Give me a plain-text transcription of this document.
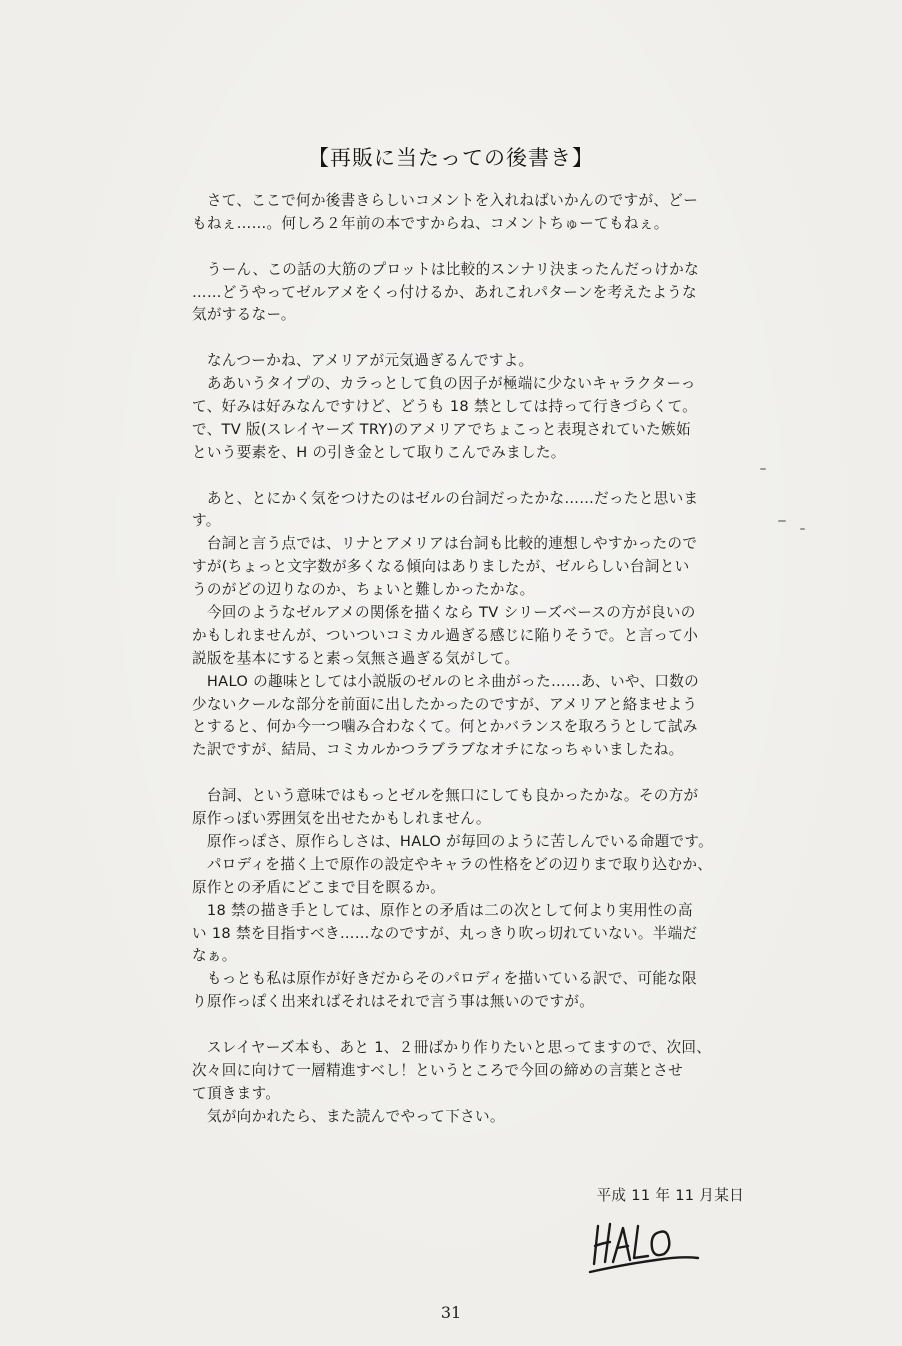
【再販に当たっての後書き】
　さて、ここで何か後書きらしいコメントを入れねばいかんのですが、どー
もねぇ……。何しろ２年前の本ですからね、コメントちゅーてもねぇ。
　うーん、この話の大筋のプロットは比較的スンナリ決まったんだっけかな
……どうやってゼルアメをくっ付けるか、あれこれパターンを考えたような
気がするなー。
　なんつーかね、アメリアが元気過ぎるんですよ。
　ああいうタイプの、カラっとして負の因子が極端に少ないキャラクターっ
て、好みは好みなんですけど、どうも 18 禁としては持って行きづらくて。
で、TV 版(スレイヤーズ TRY)のアメリアでちょこっと表現されていた嫉妬
という要素を、H の引き金として取りこんでみました。
　あと、とにかく気をつけたのはゼルの台詞だったかな……だったと思いま
す。
　台詞と言う点では、リナとアメリアは台詞も比較的連想しやすかったので
すが(ちょっと文字数が多くなる傾向はありましたが、ゼルらしい台詞とい
うのがどの辺りなのか、ちょいと難しかったかな。
　今回のようなゼルアメの関係を描くなら TV シリーズベースの方が良いの
かもしれませんが、ついついコミカル過ぎる感じに陥りそうで。と言って小
説版を基本にすると素っ気無さ過ぎる気がして。
　HALO の趣味としては小説版のゼルのヒネ曲がった……あ、いや、口数の
少ないクールな部分を前面に出したかったのですが、アメリアと絡ませよう
とすると、何か今一つ噛み合わなくて。何とかバランスを取ろうとして試み
た訳ですが、結局、コミカルかつラブラブなオチになっちゃいましたね。
　台詞、という意味ではもっとゼルを無口にしても良かったかな。その方が
原作っぽい雰囲気を出せたかもしれません。
　原作っぽさ、原作らしさは、HALO が毎回のように苦しんでいる命題です。
　パロディを描く上で原作の設定やキャラの性格をどの辺りまで取り込むか、
原作との矛盾にどこまで目を瞑るか。
　18 禁の描き手としては、原作との矛盾は二の次として何より実用性の高
い 18 禁を目指すべき……なのですが、丸っきり吹っ切れていない。半端だ
なぁ。
　もっとも私は原作が好きだからそのパロディを描いている訳で、可能な限
り原作っぽく出来ればそれはそれで言う事は無いのですが。
　スレイヤーズ本も、あと 1、２冊ばかり作りたいと思ってますので、次回、
次々回に向けて一層精進すべし！というところで今回の締めの言葉とさせ
て頂きます。
　気が向かれたら、また読んでやって下さい。
平成 11 年 11 月某日
31
